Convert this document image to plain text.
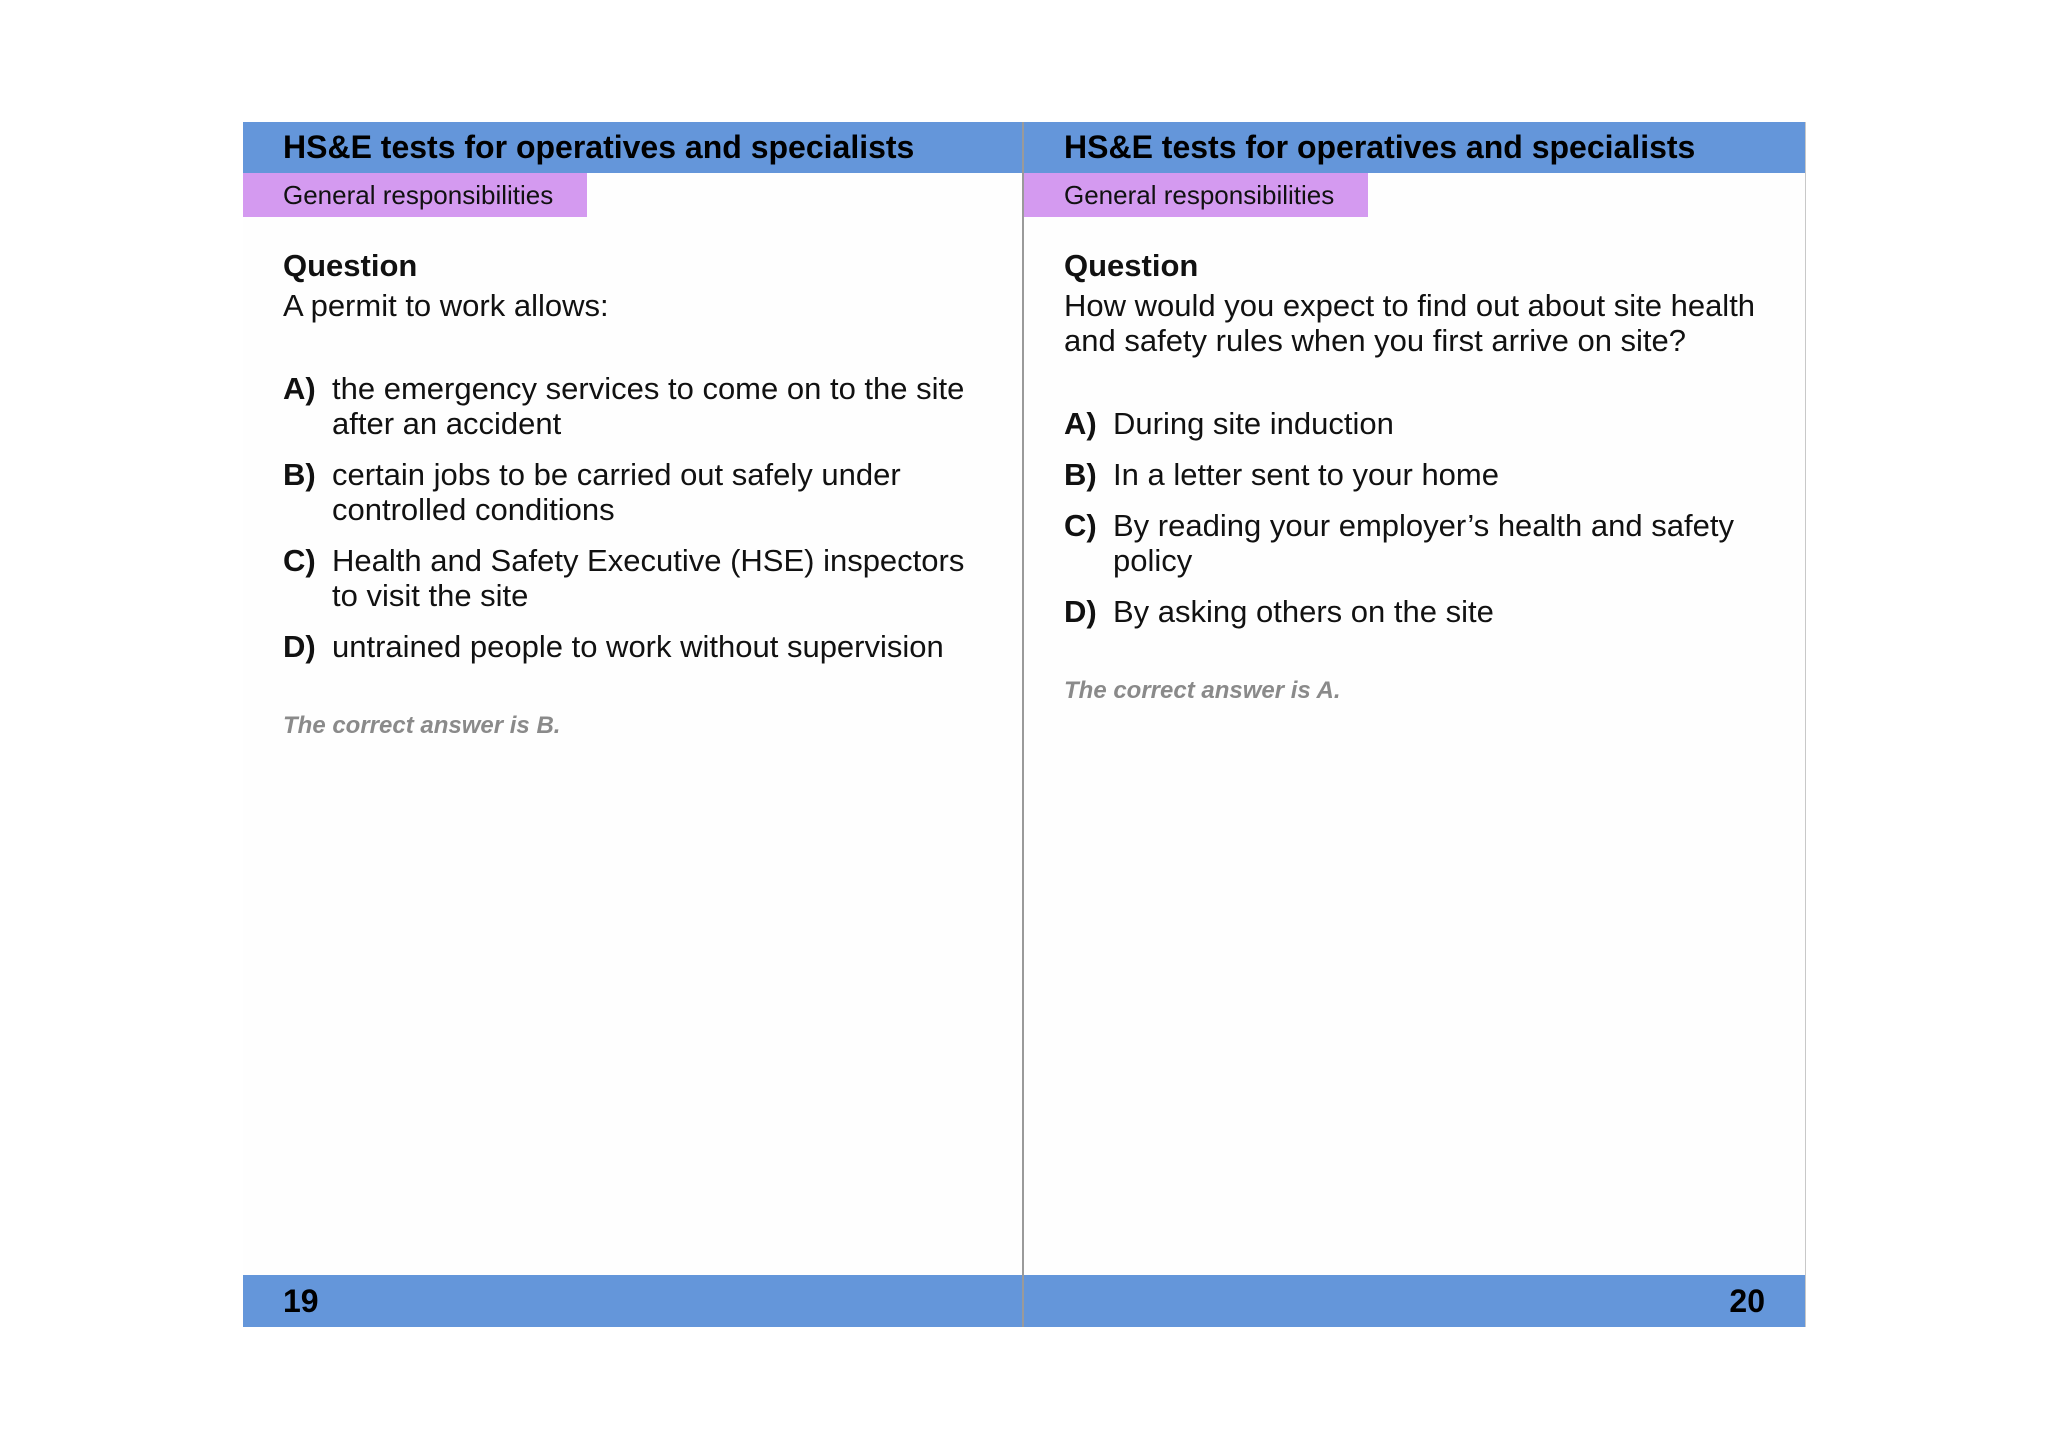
HS&E tests for operatives and specialists
General responsibilities

Question

A permit to work allows:

A) the emergency services to come on to the site after an accident
B) certain jobs to be carried out safely under controlled conditions
C) Health and Safety Executive (HSE) inspectors to visit the site
D) untrained people to work without supervision
The correct answer is B.
19
HS&E tests for operatives and specialists
General responsibilities

Question

How would you expect to find out about site health and safety rules when you first arrive on site?

A) During site induction
B) In a letter sent to your home
C) By reading your employer’s health and safety policy
D) By asking others on the site
The correct answer is A.
20
